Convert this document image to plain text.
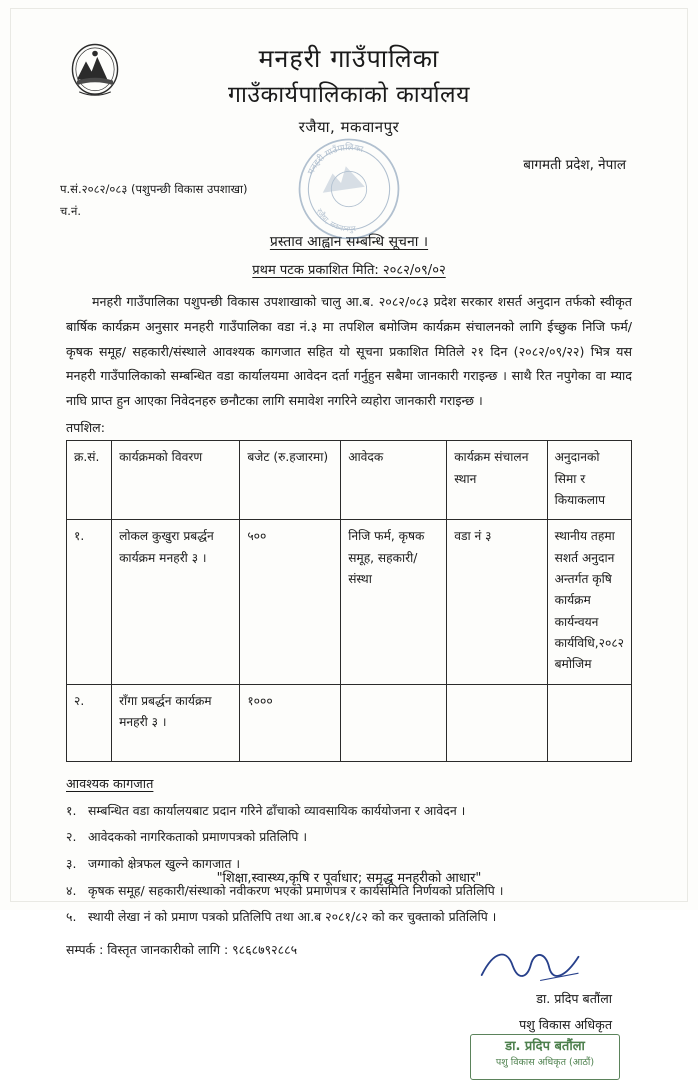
मनहरी गाउँपालिका
रजैया, मकवानपुर
मनहरी गाउँपालिका
गाउँकार्यपालिकाको कार्यालय
रजैया, मकवानपुर
बागमती प्रदेश, नेपाल
प.सं.२०८२/०८३ (पशुपन्छी विकास उपशाखा)
च.नं.
प्रस्ताव आह्वान सम्बन्धि सूचना ।
प्रथम पटक प्रकाशित मिति: २०८२/०९/०२
मनहरी गाउँपालिका पशुपन्छी विकास उपशाखाको चालु आ.ब. २०८२/०८३ प्रदेश सरकार शसर्त अनुदान तर्फको स्वीकृत बार्षिक कार्यक्रम अनुसार मनहरी गाउँपालिका वडा नं.३ मा तपशिल बमोजिम कार्यक्रम संचालनको लागि ईच्छुक निजि फर्म/कृषक समूह/ सहकारी/संस्थाले आवश्यक कागजात सहित यो सूचना प्रकाशित मितिले २१ दिन (२०८२/०९/२२) भित्र यस मनहरी गाउँपालिकाको सम्बन्धित वडा कार्यालयमा आवेदन दर्ता गर्नुहुन सबैमा जानकारी गराइन्छ । साथै रित नपुगेका वा म्याद नाघि प्राप्त हुन आएका निवेदनहरु छनौटका लागि समावेश नगरिने व्यहोरा जानकारी गराइन्छ ।
तपशिल:
क्र.सं.	कार्यक्रमको विवरण	बजेट (रु.हजारमा)	आवेदक	कार्यक्रम संचालन स्थान	अनुदानको सिमा र कियाकलाप
१.	लोकल कुखुरा प्रबर्द्धन कार्यक्रम मनहरी ३ ।	५००	निजि फर्म, कृषक समूह, सहकारी/संस्था	वडा नं ३	स्थानीय तहमा सशर्त अनुदान अन्तर्गत कृषि कार्यक्रम कार्यन्वयन कार्यविधि,२०८२ बमोजिम
२.	राँगा प्रबर्द्धन कार्यक्रम मनहरी ३ ।	१०००			
आवश्यक कागजात
१. सम्बन्धित वडा कार्यालयबाट प्रदान गरिने ढाँचाको व्यावसायिक कार्ययोजना र आवेदन ।
२. आवेदकको नागरिकताको प्रमाणपत्रको प्रतिलिपि ।
३. जग्गाको क्षेत्रफल खुल्ने कागजात ।
४. कृषक समूह/ सहकारी/संस्थाको नवीकरण भएको प्रमाणपत्र र कार्यसमिति निर्णयको प्रतिलिपि ।
५. स्थायी लेखा नं को प्रमाण पत्रको प्रतिलिपि तथा आ.ब २०८१/८२ को कर चुक्ताको प्रतिलिपि ।
सम्पर्क : विस्तृत जानकारीको लागि : ९८६८७९२८८५
डा. प्रदिप बतौंला
पशु विकास अधिकृत
डा. प्रदिप बतौंला
पशु विकास अधिकृत (आठौं)
"शिक्षा,स्वास्थ्य,कृषि र पूर्वाधार; समृद्ध मनहरीको आधार"
